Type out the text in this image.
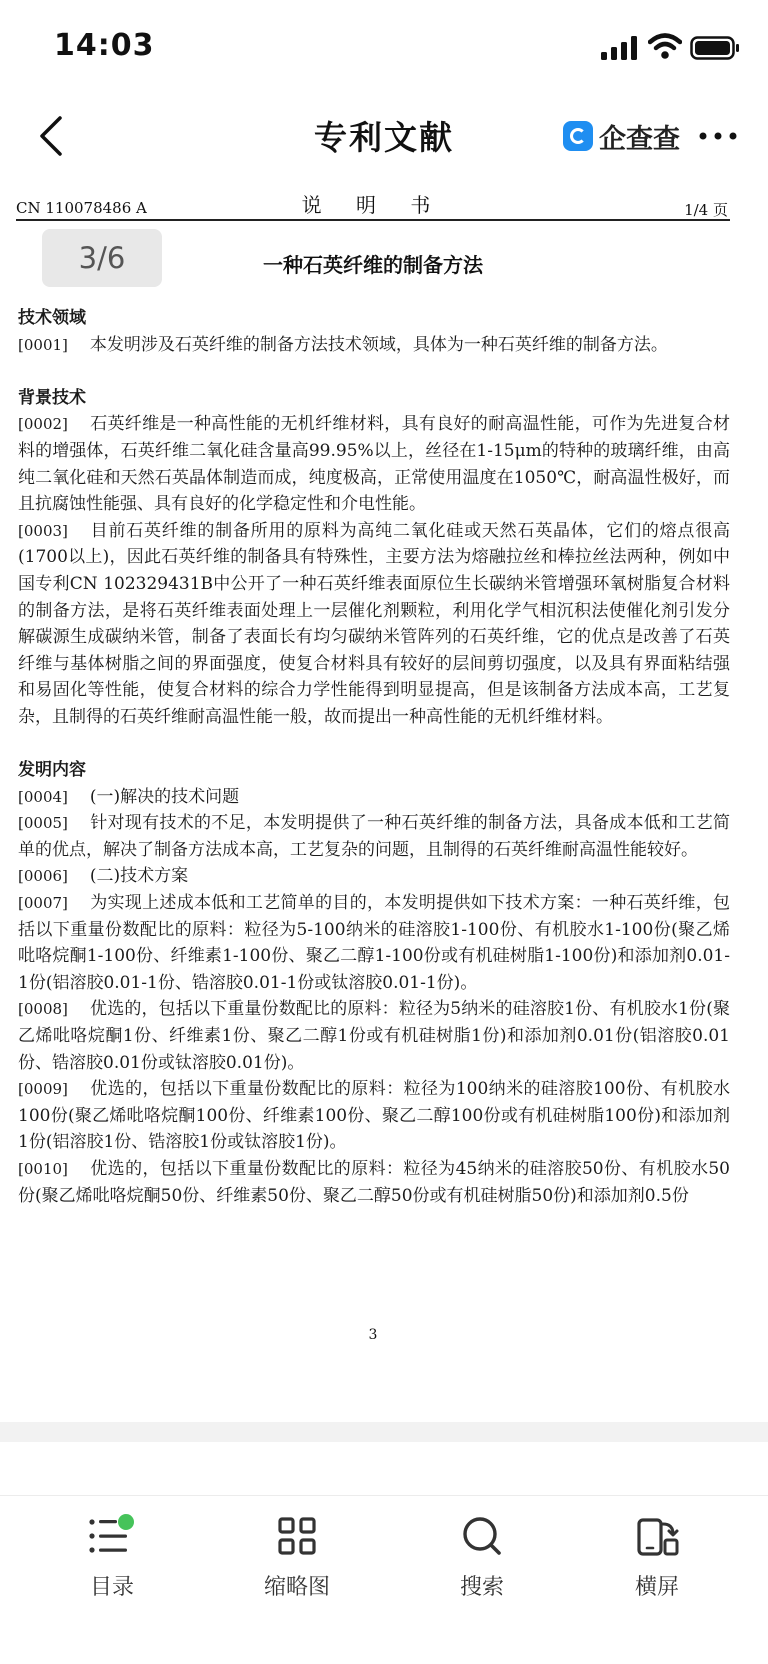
14:03
专利文献	企查查
CN 110078486 A	说 明 书	1/4 页
3/6	一种石英纤维的制备方法
技术领域

[0001] 本发明涉及石英纤维的制备方法技术领域，具体为一种石英纤维的制备方法。

背景技术

[0002] 石英纤维是一种高性能的无机纤维材料，具有良好的耐高温性能，可作为先进复合材料的增强体，石英纤维二氧化硅含量高99.95%以上，丝径在1-15μm的特种的玻璃纤维，由高纯二氧化硅和天然石英晶体制造而成，纯度极高，正常使用温度在1050℃，耐高温性极好，而且抗腐蚀性能强、具有良好的化学稳定性和介电性能。

[0003] 目前石英纤维的制备所用的原料为高纯二氧化硅或天然石英晶体，它们的熔点很高(1700以上)，因此石英纤维的制备具有特殊性，主要方法为熔融拉丝和棒拉丝法两种，例如中国专利CN 102329431B中公开了一种石英纤维表面原位生长碳纳米管增强环氧树脂复合材料的制备方法，是将石英纤维表面处理上一层催化剂颗粒，利用化学气相沉积法使催化剂引发分解碳源生成碳纳米管，制备了表面长有均匀碳纳米管阵列的石英纤维，它的优点是改善了石英纤维与基体树脂之间的界面强度，使复合材料具有较好的层间剪切强度，以及具有界面粘结强和易固化等性能，使复合材料的综合力学性能得到明显提高，但是该制备方法成本高，工艺复杂，且制得的石英纤维耐高温性能一般，故而提出一种高性能的无机纤维材料。

发明内容

[0004] (一)解决的技术问题

[0005] 针对现有技术的不足，本发明提供了一种石英纤维的制备方法，具备成本低和工艺简单的优点，解决了制备方法成本高，工艺复杂的问题，且制得的石英纤维耐高温性能较好。

[0006] (二)技术方案

[0007] 为实现上述成本低和工艺简单的目的，本发明提供如下技术方案：一种石英纤维，包括以下重量份数配比的原料：粒径为5-100纳米的硅溶胶1-100份、有机胶水1-100份(聚乙烯吡咯烷酮1-100份、纤维素1-100份、聚乙二醇1-100份或有机硅树脂1-100份)和添加剂0.01-1份(铝溶胶0.01-1份、锆溶胶0.01-1份或钛溶胶0.01-1份)。

[0008] 优选的，包括以下重量份数配比的原料：粒径为5纳米的硅溶胶1份、有机胶水1份(聚乙烯吡咯烷酮1份、纤维素1份、聚乙二醇1份或有机硅树脂1份)和添加剂0.01份(铝溶胶0.01份、锆溶胶0.01份或钛溶胶0.01份)。

[0009] 优选的，包括以下重量份数配比的原料：粒径为100纳米的硅溶胶100份、有机胶水100份(聚乙烯吡咯烷酮100份、纤维素100份、聚乙二醇100份或有机硅树脂100份)和添加剂1份(铝溶胶1份、锆溶胶1份或钛溶胶1份)。

[0010] 优选的，包括以下重量份数配比的原料：粒径为45纳米的硅溶胶50份、有机胶水50份(聚乙烯吡咯烷酮50份、纤维素50份、聚乙二醇50份或有机硅树脂50份)和添加剂0.5份

3
目录	缩略图	搜索	横屏
